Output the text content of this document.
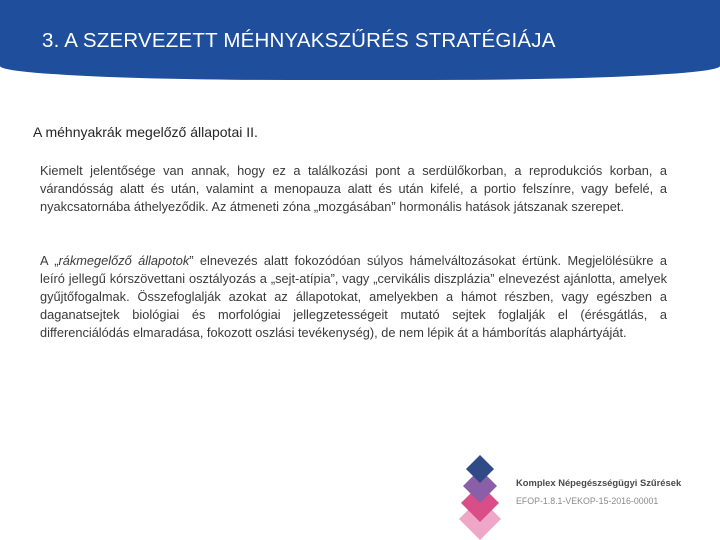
3. A SZERVEZETT MÉHNYAKSZŰRÉS STRATÉGIÁJA
A méhnyakrák megelőző állapotai II.
Kiemelt jelentősége van annak, hogy ez a találkozási pont a serdülőkorban, a reprodukciós korban, a várandósság alatt és után, valamint a menopauza alatt és után kifelé, a portio felszínre, vagy befelé, a nyakcsatornába áthelyeződik. Az átmeneti zóna „mozgásában” hormonális hatások játszanak szerepet.
A „rákmegelőző állapotok” elnevezés alatt fokozódóan súlyos hámelváltozásokat értünk. Megjelölésükre a leíró jellegű kórszövettani osztályozás a „sejt-atípia”, vagy „cervikális diszplázia” elnevezést ajánlotta, amelyek gyűjtőfogalmak. Összefoglalják azokat az állapotokat, amelyekben a hámot részben, vagy egészben a daganatsejtek biológiai és morfológiai jellegzetességeit mutató sejtek foglalják el (érésgátlás, a differenciálódás elmaradása, fokozott oszlási tevékenység), de nem lépik át a hámborítás alaphártyáját.
Komplex Népegészségügyi Szűrések
EFOP-1.8.1-VEKOP-15-2016-00001
